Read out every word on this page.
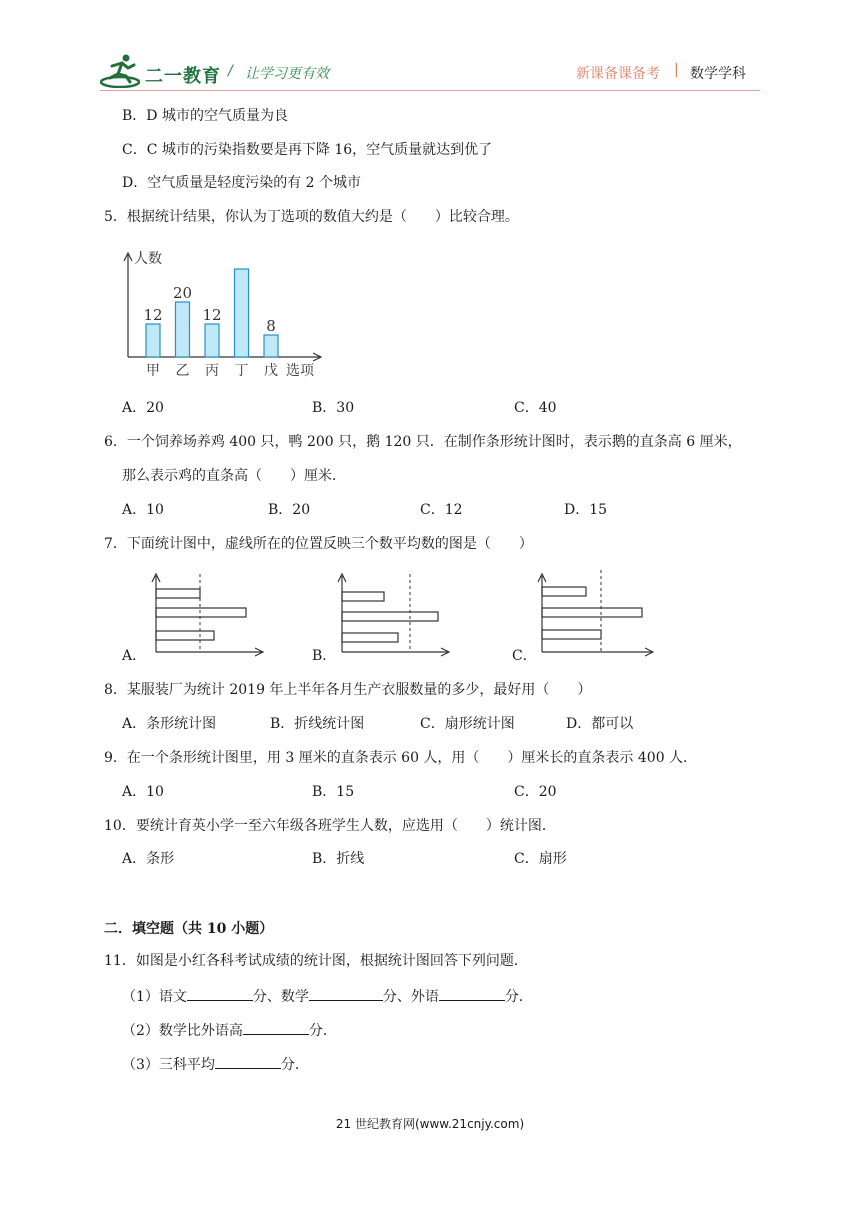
二一教育 / 让学习更有效	新课备课备考 | 数学学科
B．D 城市的空气质量为良
C．C 城市的污染指数要是再下降 16，空气质量就达到优了
D．空气质量是轻度污染的有 2 个城市
5．根据统计结果，你认为丁选项的数值大约是（　　）比较合理。
人数
选项
12
甲
20
乙
12
丙 丁
8
戊
A．20	B．30	C．40
6．一个饲养场养鸡 400 只，鸭 200 只，鹅 120 只．在制作条形统计图时，表示鹅的直条高 6 厘米，
那么表示鸡的直条高（　　）厘米．
A．10	B．20	C．12	D．15
7．下面统计图中，虚线所在的位置反映三个数平均数的图是（　　）
A．	B．	C．
8．某服装厂为统计 2019 年上半年各月生产衣服数量的多少，最好用（　　）
A．条形统计图	B．折线统计图	C．扇形统计图	D．都可以
9．在一个条形统计图里，用 3 厘米的直条表示 60 人，用（　　）厘米长的直条表示 400 人．
A．10	B．15	C．20
10．要统计育英小学一至六年级各班学生人数，应选用（　　）统计图．
A．条形	B．折线	C．扇形
二．填空题（共 10 小题）
11．如图是小红各科考试成绩的统计图，根据统计图回答下列问题．
（1）语文	分、数学	分、外语	分．
（2）数学比外语高	分．
（3）三科平均	分．
21 世纪教育网(www.21cnjy.com)
